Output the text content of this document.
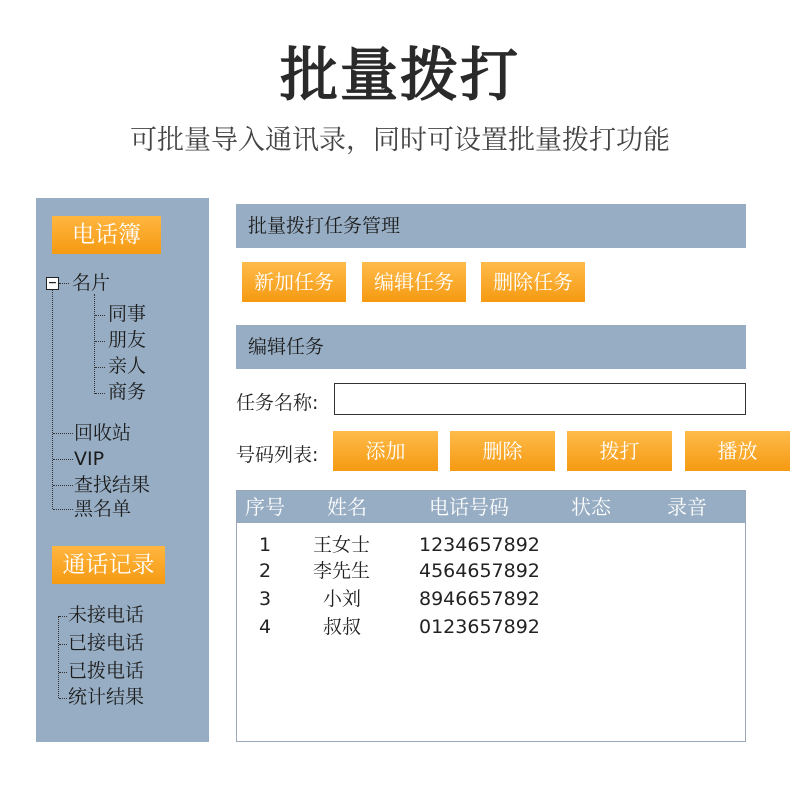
批量拨打
可批量导入通讯录，同时可设置批量拨打功能
电话簿
− 名片
同事
朋友
亲人
商务
回收站
VIP
查找结果
黑名单
未接电话
已接电话
已拨电话
统计结果
通话记录
批量拨打任务管理
新加任务	编辑任务	删除任务
编辑任务
任务名称:
号码列表:	添加	删除	拨打	播放
序号 姓名	电话号码	状态	录音
1 王女士	1234657892
2 李先生	4564657892
3	小刘	8946657892
4	叔叔	0123657892
